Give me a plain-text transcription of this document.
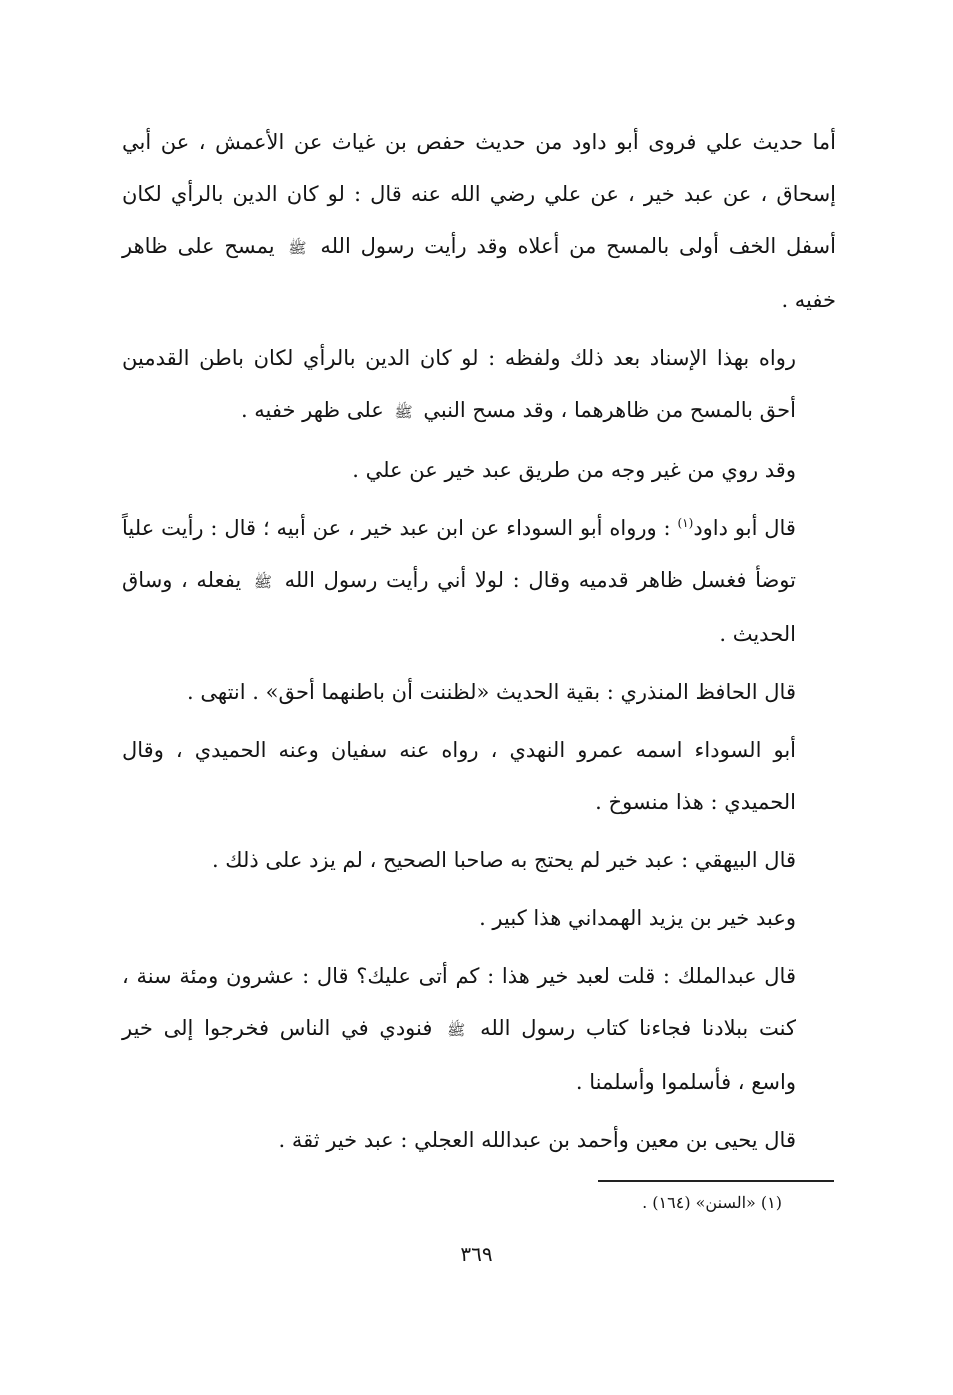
أما حديث علي فروى أبو داود من حديث حفص بن غياث عن الأعمش ، عن أبي إسحاق ، عن عبد خير ، عن علي رضي الله عنه قال : لو كان الدين بالرأي لكان أسفل الخف أولى بالمسح من أعلاه وقد رأيت رسول الله ﷺ يمسح على ظاهر خفيه .

رواه بهذا الإسناد بعد ذلك ولفظه : لو كان الدين بالرأي لكان باطن القدمين أحق بالمسح من ظاهرهما ، وقد مسح النبي ﷺ على ظهر خفيه .

وقد روي من غير وجه من طريق عبد خير عن علي .

قال أبو داود$^{(١)}$ : ورواه أبو السوداء عن ابن عبد خير ، عن أبيه ؛ قال : رأيت علياً توضأ فغسل ظاهر قدميه وقال : لولا أني رأيت رسول الله ﷺ يفعله ، وساق الحديث .

قال الحافظ المنذري : بقية الحديث «لظننت أن باطنهما أحق» . انتهى .

أبو السوداء اسمه عمرو النهدي ، رواه عنه سفيان وعنه الحميدي ، وقال الحميدي : هذا منسوخ .

قال البيهقي : عبد خير لم يحتج به صاحبا الصحيح ، لم يزد على ذلك .

وعبد خير بن يزيد الهمداني هذا كبير .

قال عبدالملك : قلت لعبد خير هذا : كم أتى عليك؟ قال : عشرون ومئة سنة ، كنت ببلادنا فجاءنا كتاب رسول الله ﷺ فنودي في الناس فخرجوا إلى خير واسع ، فأسلموا وأسلمنا .

قال يحيى بن معين وأحمد بن عبدالله العجلي : عبد خير ثقة .

(١) «السنن» (١٦٤) .
٣٦٩
